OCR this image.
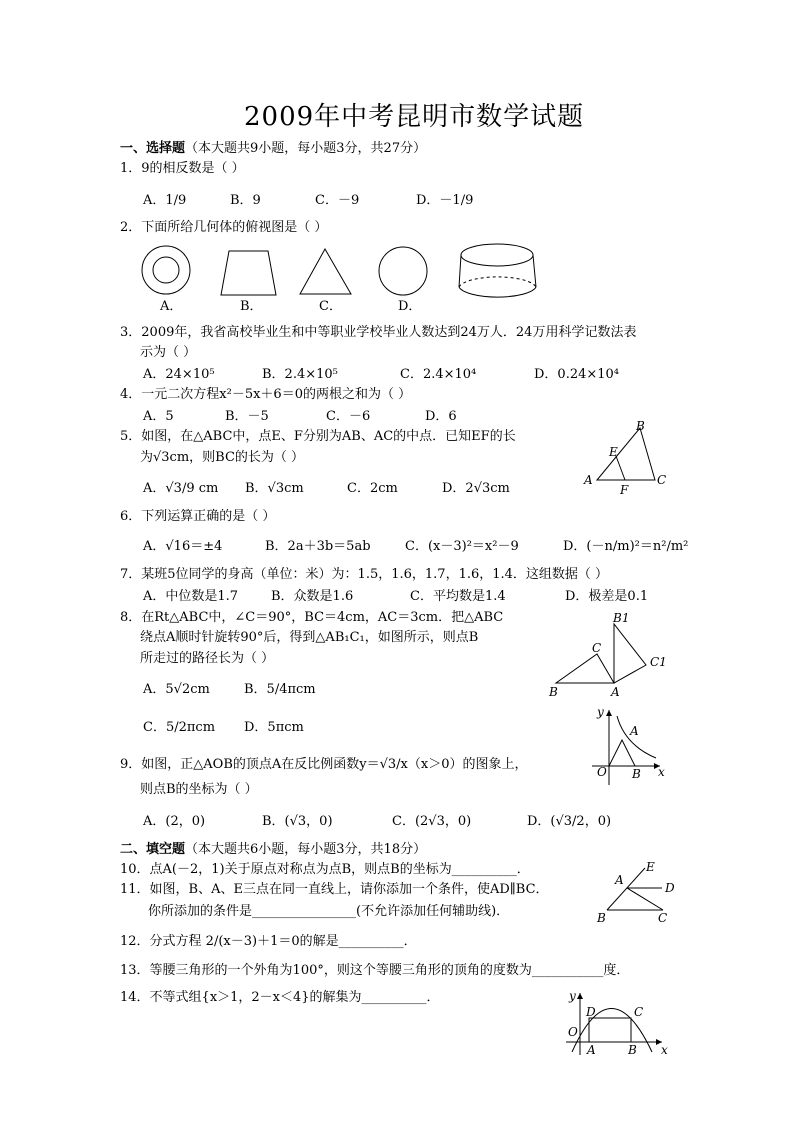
2009年中考昆明市数学试题
一、选择题（本大题共9小题，每小题3分，共27分）
1．9的相反数是（ ）
A．1/9	B．9	C．－9	D．－1/9
2．下面所给几何体的俯视图是（ ）
A．	B．	C．	D．
3．2009年，我省高校毕业生和中等职业学校毕业人数达到24万人．24万用科学记数法表
示为（ ）
A．24×10⁵	B．2.4×10⁵	C．2.4×10⁴	D．0.24×10⁴
4．一元二次方程x²－5x＋6＝0的两根之和为（ ）
A．5	B．－5	C．－6	D．6
5．如图，在△ABC中，点E、F分别为AB、AC的中点．已知EF的长
为√3cm，则BC的长为（ ）
A．√3/9 cm B．√3cm	C．2cm	D．2√3cm
B
E
A
F
C
6．下列运算正确的是（ ）
A．√16＝±4	B．2a＋3b＝5ab	C．(x－3)²＝x²－9	D．(－n/m)²＝n²/m²
7．某班5位同学的身高（单位：米）为：1.5，1.6，1.7，1.6，1.4．这组数据（ ）
A．中位数是1.7	B．众数是1.6	C．平均数是1.4	D．极差是0.1
8．在Rt△ABC中，∠C＝90°，BC＝4cm，AC＝3cm．把△ABC
绕点A顺时针旋转90°后，得到△AB₁C₁，如图所示，则点B
所走过的路径长为（ ）
A．5√2cm	B．5/4πcm
C．5/2πcm D．5πcm
B1
C
C1
B	A
9．如图，正△AOB的顶点A在反比例函数y＝√3/x（x＞0）的图象上，
则点B的坐标为（ ）
A．(2，0)	B．(√3，0)	C．(2√3，0)	D．(√3/2，0)
y
A
O B x
二、填空题（本大题共6小题，每小题3分，共18分）
10．点A(－2，1)关于原点对称点为点B，则点B的坐标为__________．
11．如图，B、A、E三点在同一直线上，请你添加一个条件，使AD∥BC．
你所添加的条件是________________(不允许添加任何辅助线)．
E
A
D
B	C
12．分式方程 2/(x－3)＋1＝0的解是__________．
13．等腰三角形的一个外角为100°，则这个等腰三角形的顶角的度数为___________度．
14．不等式组{x＞1，2－x＜4}的解集为__________．	y
D	C
O
A	B x
